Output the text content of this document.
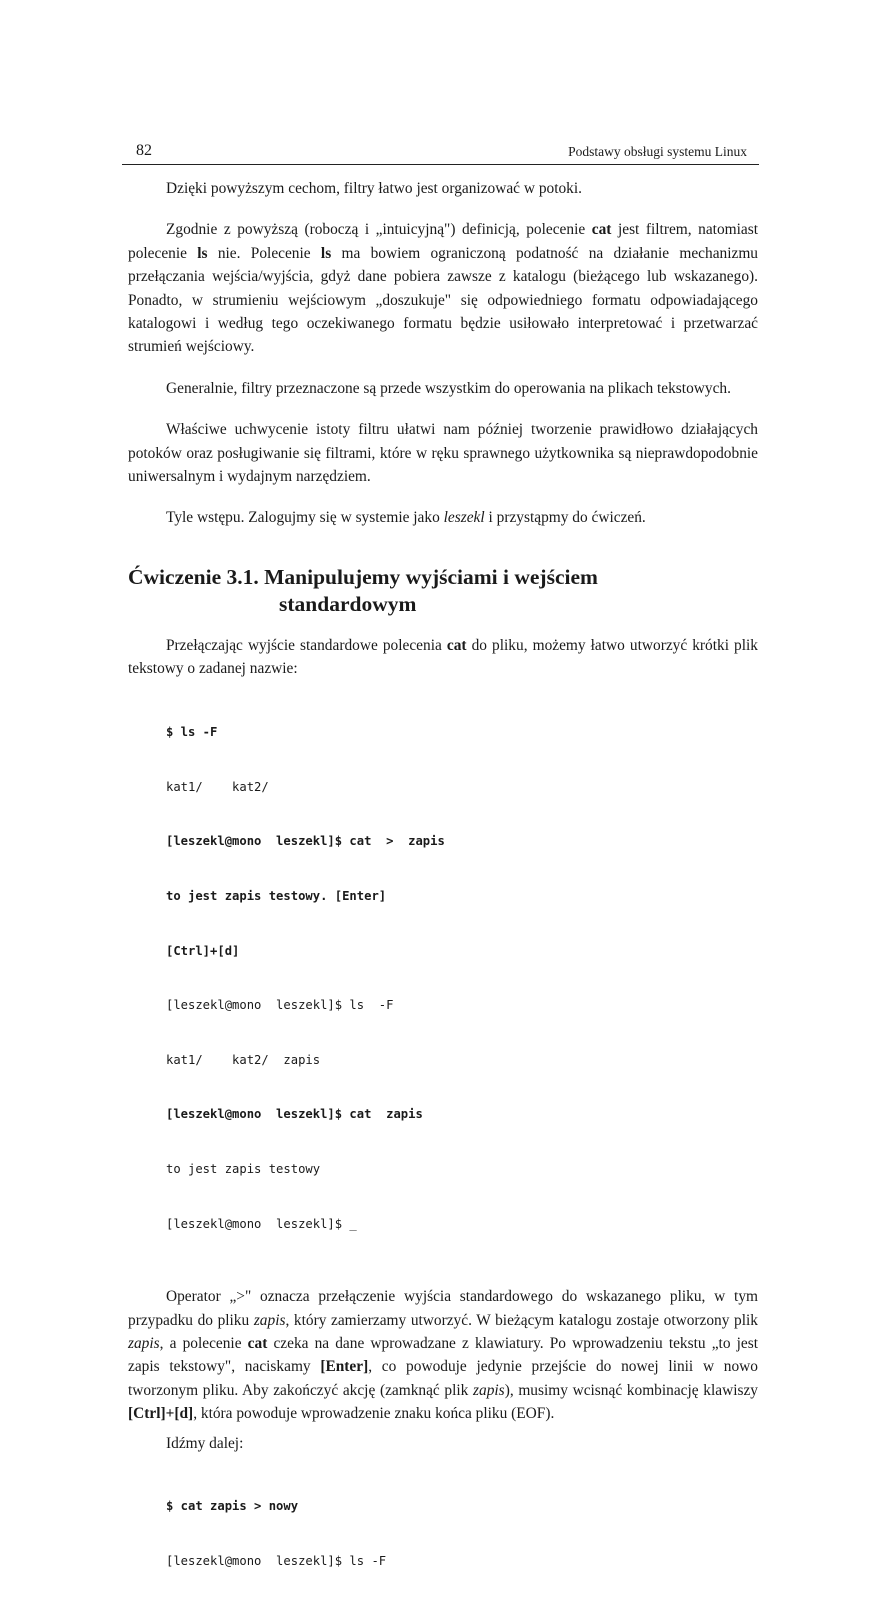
82	Podstawy obsługi systemu Linux

Dzięki powyższym cechom, filtry łatwo jest organizować w potoki.

Zgodnie z powyższą (roboczą i „intuicyjną") definicją, polecenie cat jest filtrem, natomiast polecenie ls nie. Polecenie ls ma bowiem ograniczoną podatność na działanie mechanizmu przełączania wejścia/wyjścia, gdyż dane pobiera zawsze z katalogu (bieżącego lub wskazanego). Ponadto, w strumieniu wejściowym „doszukuje" się odpowiedniego formatu odpowiadającego katalogowi i według tego oczekiwanego formatu będzie usiłowało interpretować i przetwarzać strumień wejściowy.

Generalnie, filtry przeznaczone są przede wszystkim do operowania na plikach tekstowych.

Właściwe uchwycenie istoty filtru ułatwi nam później tworzenie prawidłowo działających potoków oraz posługiwanie się filtrami, które w ręku sprawnego użytkownika są nieprawdopodobnie uniwersalnym i wydajnym narzędziem.

Tyle wstępu. Zalogujmy się w systemie jako leszekl i przystąpmy do ćwiczeń.

Ćwiczenie 3.1. Manipulujemy wyjściami i wejściem
standardowym

Przełączając wyjście standardowe polecenia cat do pliku, możemy łatwo utworzyć krótki plik tekstowy o zadanej nazwie:

$ ls -F

kat1/    kat2/

[leszekl@mono  leszekl]$ cat  >  zapis

to jest zapis testowy. [Enter]

[Ctrl]+[d]

[leszekl@mono  leszekl]$ ls  -F

kat1/    kat2/  zapis

[leszekl@mono  leszekl]$ cat  zapis

to jest zapis testowy

[leszekl@mono  leszekl]$ _

Operator „>" oznacza przełączenie wyjścia standardowego do wskazanego pliku, w tym przypadku do pliku zapis, który zamierzamy utworzyć. W bieżącym katalogu zostaje otworzony plik zapis, a polecenie cat czeka na dane wprowadzane z klawiatury. Po wprowadzeniu tekstu „to jest zapis tekstowy", naciskamy [Enter], co powoduje jedynie przejście do nowej linii w nowo tworzonym pliku. Aby zakończyć akcję (zamknąć plik zapis), musimy wcisnąć kombinację klawiszy [Ctrl]+[d], która powoduje wprowadzenie znaku końca pliku (EOF).

Idźmy dalej:

$ cat zapis > nowy

[leszekl@mono  leszekl]$ ls -F
